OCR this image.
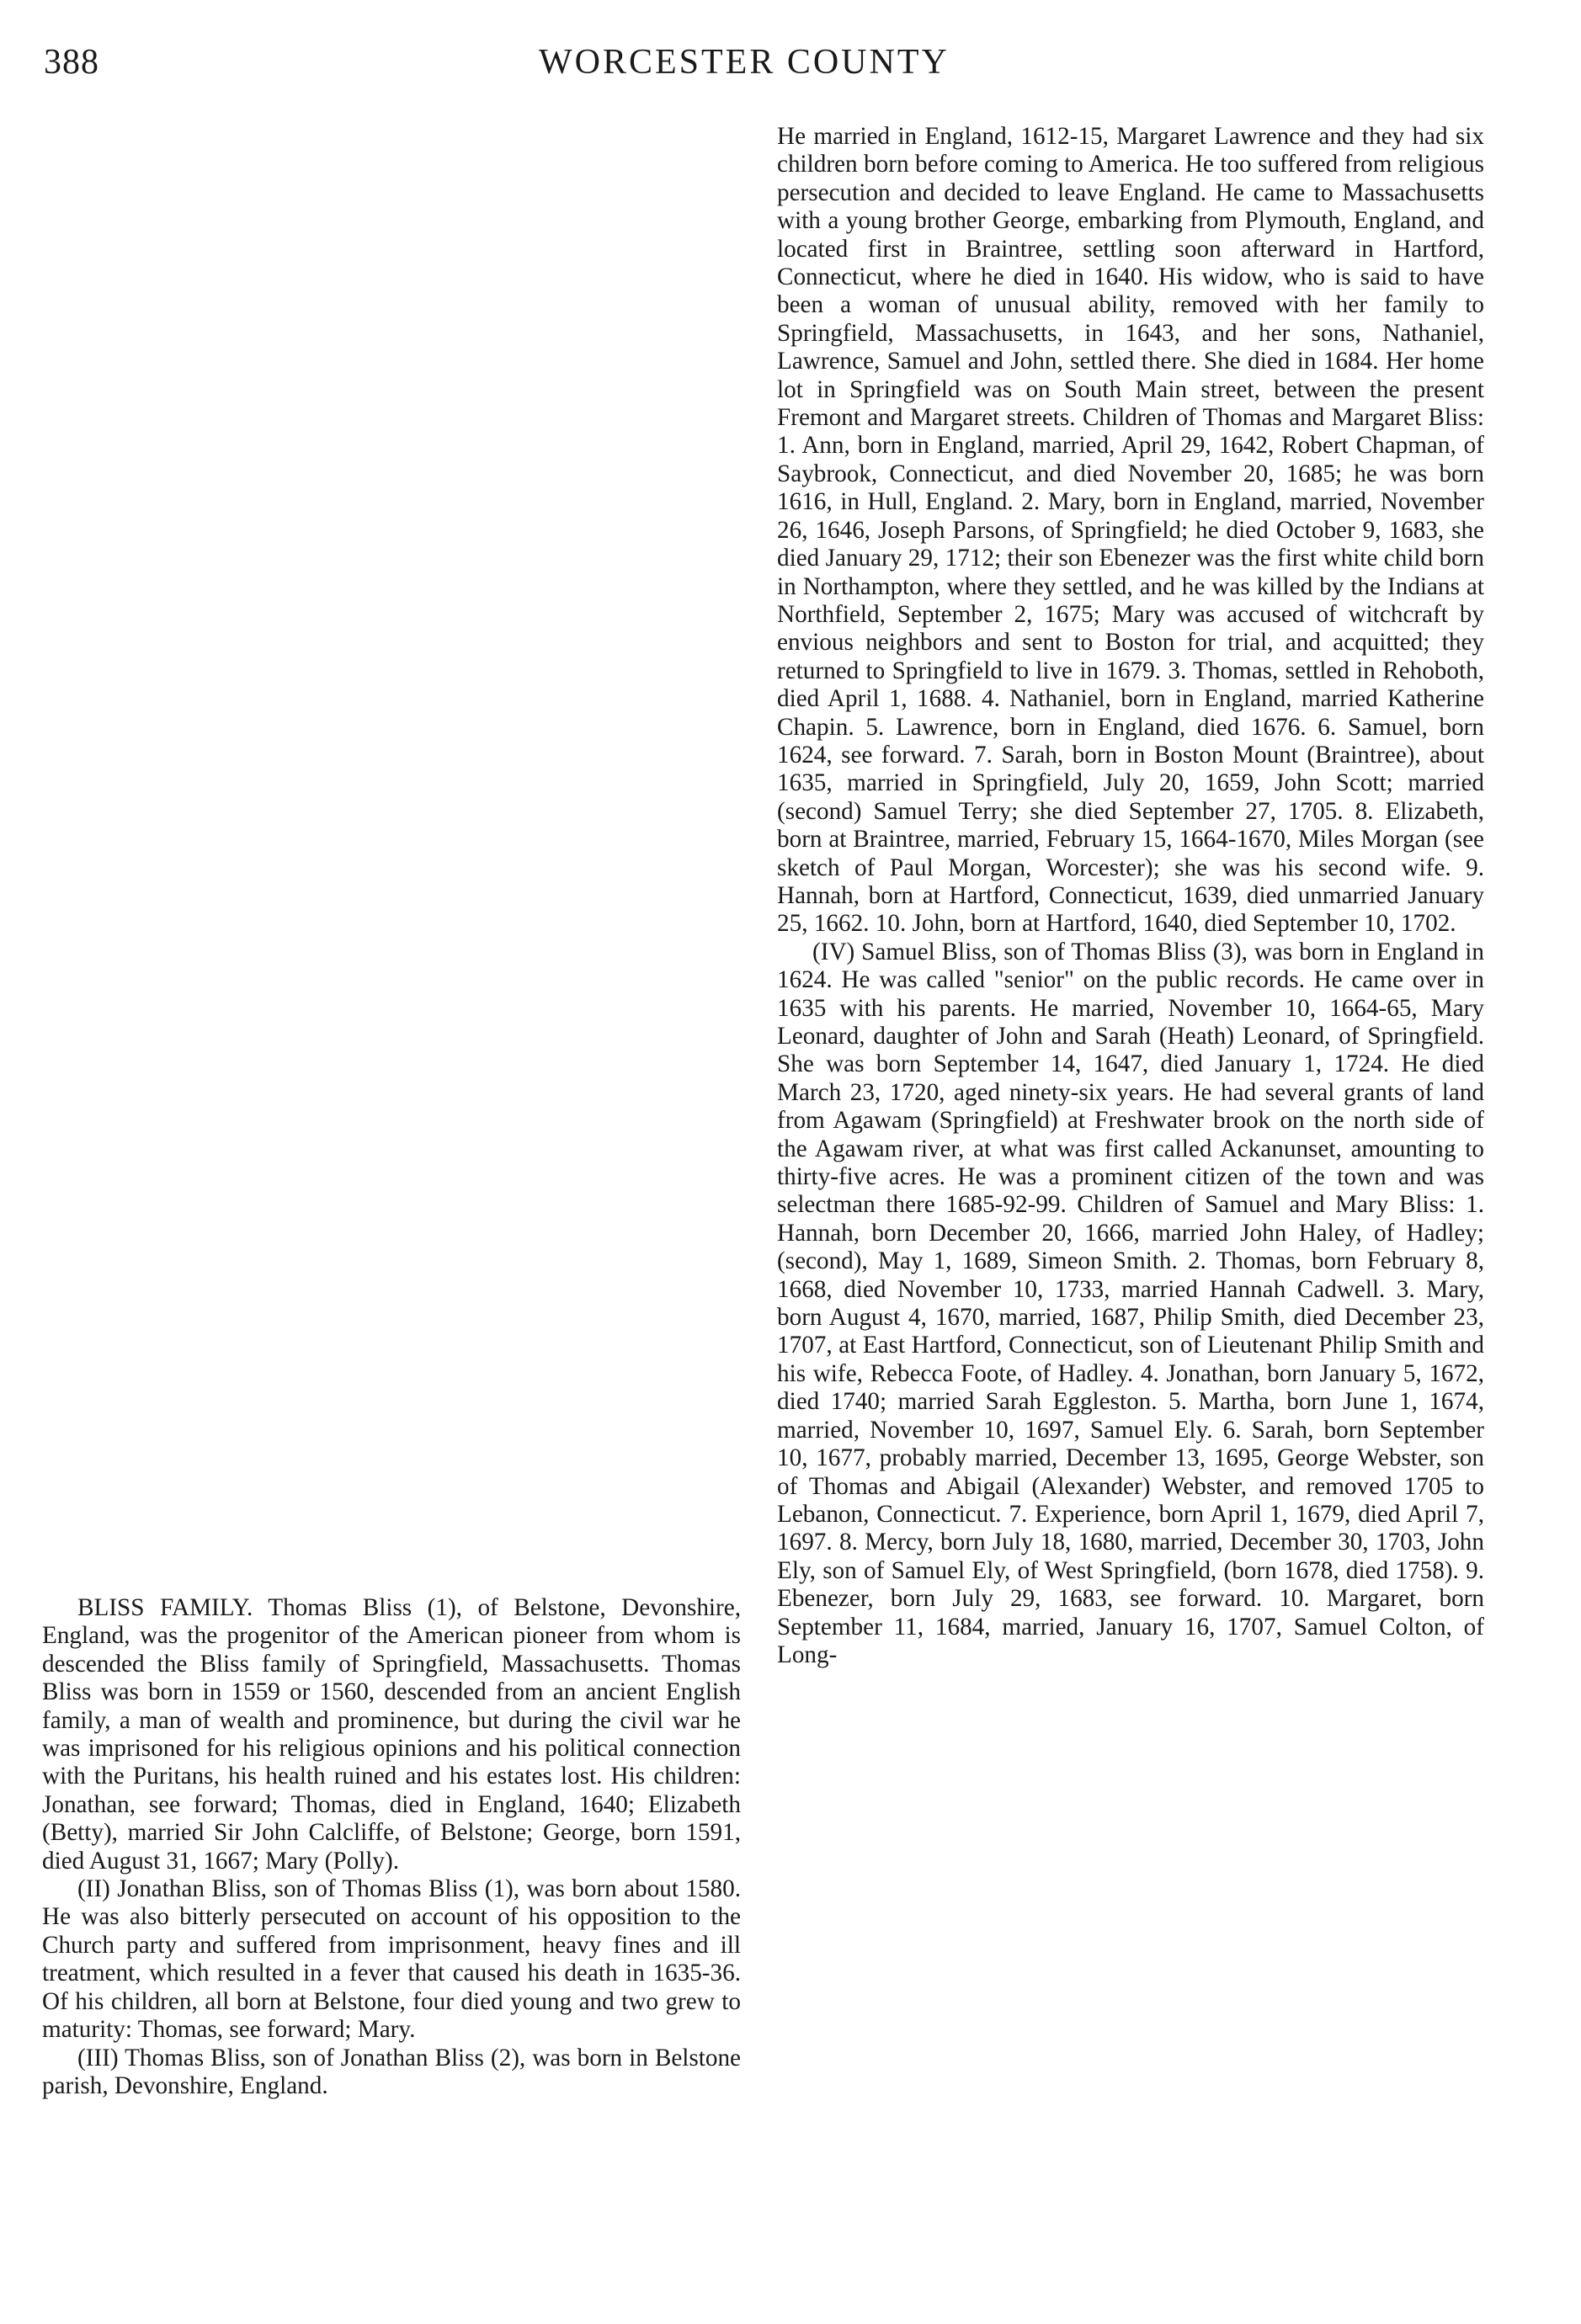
388	WORCESTER COUNTY

BLISS FAMILY. Thomas Bliss (1), of Belstone, Devonshire, England, was the progenitor of the American pioneer from whom is descended the Bliss family of Springfield, Massachusetts. Thomas Bliss was born in 1559 or 1560, descended from an ancient English family, a man of wealth and prominence, but during the civil war he was imprisoned for his religious opinions and his political connection with the Puritans, his health ruined and his estates lost. His children: Jonathan, see forward; Thomas, died in England, 1640; Elizabeth (Betty), married Sir John Calcliffe, of Belstone; George, born 1591, died August 31, 1667; Mary (Polly).

(II) Jonathan Bliss, son of Thomas Bliss (1), was born about 1580. He was also bitterly persecuted on account of his opposition to the Church party and suffered from imprisonment, heavy fines and ill treatment, which resulted in a fever that caused his death in 1635-36. Of his children, all born at Belstone, four died young and two grew to maturity: Thomas, see forward; Mary.

(III) Thomas Bliss, son of Jonathan Bliss (2), was born in Belstone parish, Devonshire, England.

He married in England, 1612-15, Margaret Lawrence and they had six children born before coming to America. He too suffered from religious persecution and decided to leave England. He came to Massachusetts with a young brother George, embarking from Plymouth, England, and located first in Braintree, settling soon afterward in Hartford, Connecticut, where he died in 1640. His widow, who is said to have been a woman of unusual ability, removed with her family to Springfield, Massachusetts, in 1643, and her sons, Nathaniel, Lawrence, Samuel and John, settled there. She died in 1684. Her home lot in Springfield was on South Main street, between the present Fremont and Margaret streets. Children of Thomas and Margaret Bliss: 1. Ann, born in England, married, April 29, 1642, Robert Chapman, of Saybrook, Connecticut, and died November 20, 1685; he was born 1616, in Hull, England. 2. Mary, born in England, married, November 26, 1646, Joseph Parsons, of Springfield; he died October 9, 1683, she died January 29, 1712; their son Ebenezer was the first white child born in Northampton, where they settled, and he was killed by the Indians at Northfield, September 2, 1675; Mary was accused of witchcraft by envious neighbors and sent to Boston for trial, and acquitted; they returned to Springfield to live in 1679. 3. Thomas, settled in Rehoboth, died April 1, 1688. 4. Nathaniel, born in England, married Katherine Chapin. 5. Lawrence, born in England, died 1676. 6. Samuel, born 1624, see forward. 7. Sarah, born in Boston Mount (Braintree), about 1635, married in Springfield, July 20, 1659, John Scott; married (second) Samuel Terry; she died September 27, 1705. 8. Elizabeth, born at Braintree, married, February 15, 1664-1670, Miles Morgan (see sketch of Paul Morgan, Worcester); she was his second wife. 9. Hannah, born at Hartford, Connecticut, 1639, died unmarried January 25, 1662. 10. John, born at Hartford, 1640, died September 10, 1702.

(IV) Samuel Bliss, son of Thomas Bliss (3), was born in England in 1624. He was called "senior" on the public records. He came over in 1635 with his parents. He married, November 10, 1664-65, Mary Leonard, daughter of John and Sarah (Heath) Leonard, of Springfield. She was born September 14, 1647, died January 1, 1724. He died March 23, 1720, aged ninety-six years. He had several grants of land from Agawam (Springfield) at Freshwater brook on the north side of the Agawam river, at what was first called Ackanunset, amounting to thirty-five acres. He was a prominent citizen of the town and was selectman there 1685-92-99. Children of Samuel and Mary Bliss: 1. Hannah, born December 20, 1666, married John Haley, of Hadley; (second), May 1, 1689, Simeon Smith. 2. Thomas, born February 8, 1668, died November 10, 1733, married Hannah Cadwell. 3. Mary, born August 4, 1670, married, 1687, Philip Smith, died December 23, 1707, at East Hartford, Connecticut, son of Lieutenant Philip Smith and his wife, Rebecca Foote, of Hadley. 4. Jonathan, born January 5, 1672, died 1740; married Sarah Eggleston. 5. Martha, born June 1, 1674, married, November 10, 1697, Samuel Ely. 6. Sarah, born September 10, 1677, probably married, December 13, 1695, George Webster, son of Thomas and Abigail (Alexander) Webster, and removed 1705 to Lebanon, Connecticut. 7. Experience, born April 1, 1679, died April 7, 1697. 8. Mercy, born July 18, 1680, married, December 30, 1703, John Ely, son of Samuel Ely, of West Springfield, (born 1678, died 1758). 9. Ebenezer, born July 29, 1683, see forward. 10. Margaret, born September 11, 1684, married, January 16, 1707, Samuel Colton, of Long-
